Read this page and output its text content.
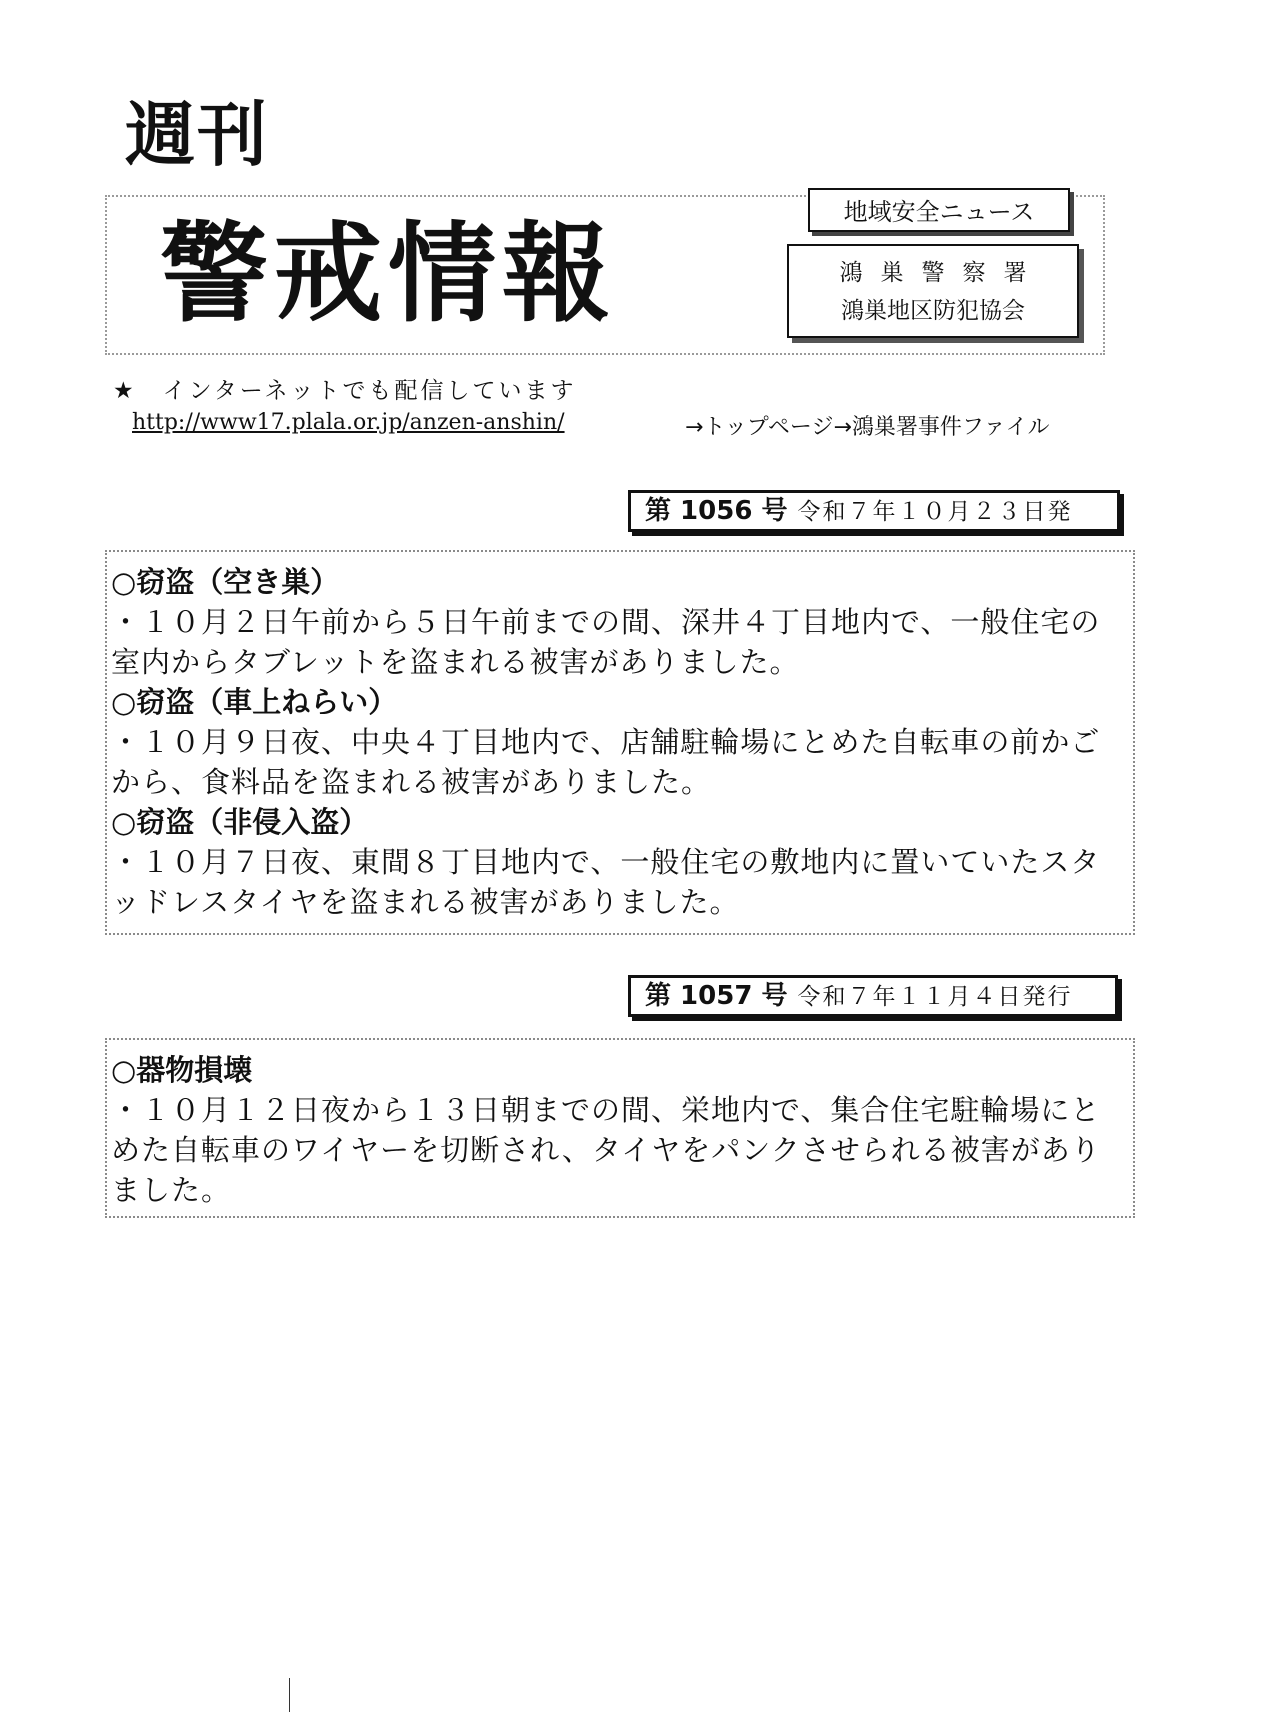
週刊
警戒情報	地域安全ニュース
鴻巣警察署
鴻巣地区防犯協会
★　インターネットでも配信しています
http://www17.plala.or.jp/anzen-anshin/	→トップページ→鴻巣署事件ファイル
第 1056 号 令和７年１０月２３日発
○窃盗（空き巣）
・１０月２日午前から５日午前までの間、深井４丁目地内で、一般住宅の室内からタブレットを盗まれる被害がありました。
○窃盗（車上ねらい）
・１０月９日夜、中央４丁目地内で、店舗駐輪場にとめた自転車の前かごから、食料品を盗まれる被害がありました。
○窃盗（非侵入盗）
・１０月７日夜、東間８丁目地内で、一般住宅の敷地内に置いていたスタッドレスタイヤを盗まれる被害がありました。
第 1057 号 令和７年１１月４日発行
○器物損壊
・１０月１２日夜から１３日朝までの間、栄地内で、集合住宅駐輪場にとめた自転車のワイヤーを切断され、タイヤをパンクさせられる被害がありました。
